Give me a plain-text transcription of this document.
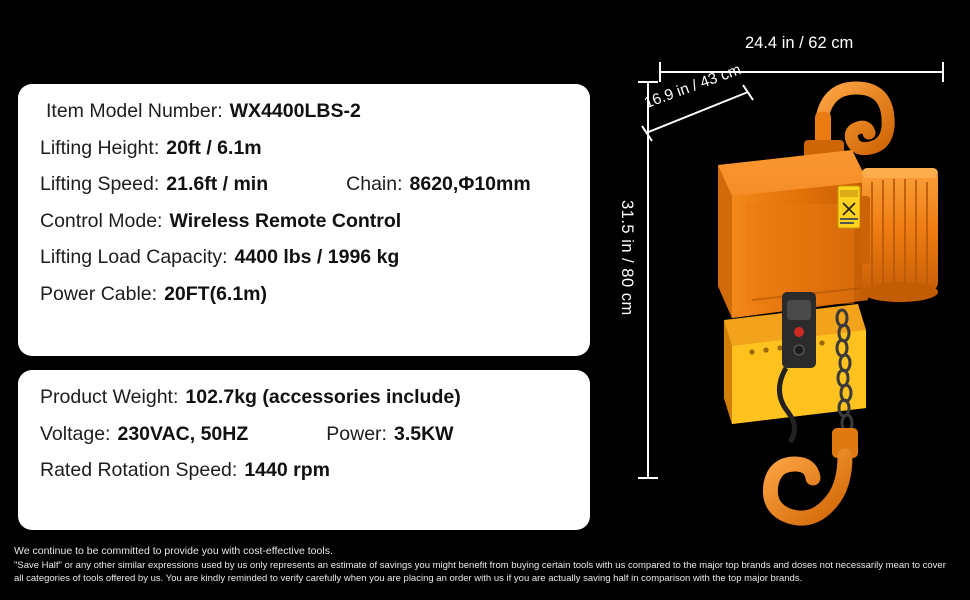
Item Model Number: WX4400LBS-2
Lifting Height: 20ft / 6.1m
Lifting Speed: 21.6ft / min	Chain: 8620,Φ10mm
Control Mode: Wireless Remote Control
Lifting Load Capacity: 4400 lbs / 1996 kg
Power Cable: 20FT(6.1m)
Product Weight: 102.7kg (accessories include)
Voltage: 230VAC, 50HZ	Power: 3.5KW
Rated Rotation Speed: 1440 rpm
We continue to be committed to provide you with cost-effective tools.
"Save Half" or any other similar expressions used by us only represents an estimate of savings you might benefit from buying certain tools with us compared to the major top brands and doses not necessarily mean to cover all categories of tools offered by us. You are kindly reminded to verify carefully when you are placing an order with us if you are actually saving half in comparison with the top major brands.
24.4 in / 62 cm
16.9 in / 43 cm
31.5 in / 80 cm
